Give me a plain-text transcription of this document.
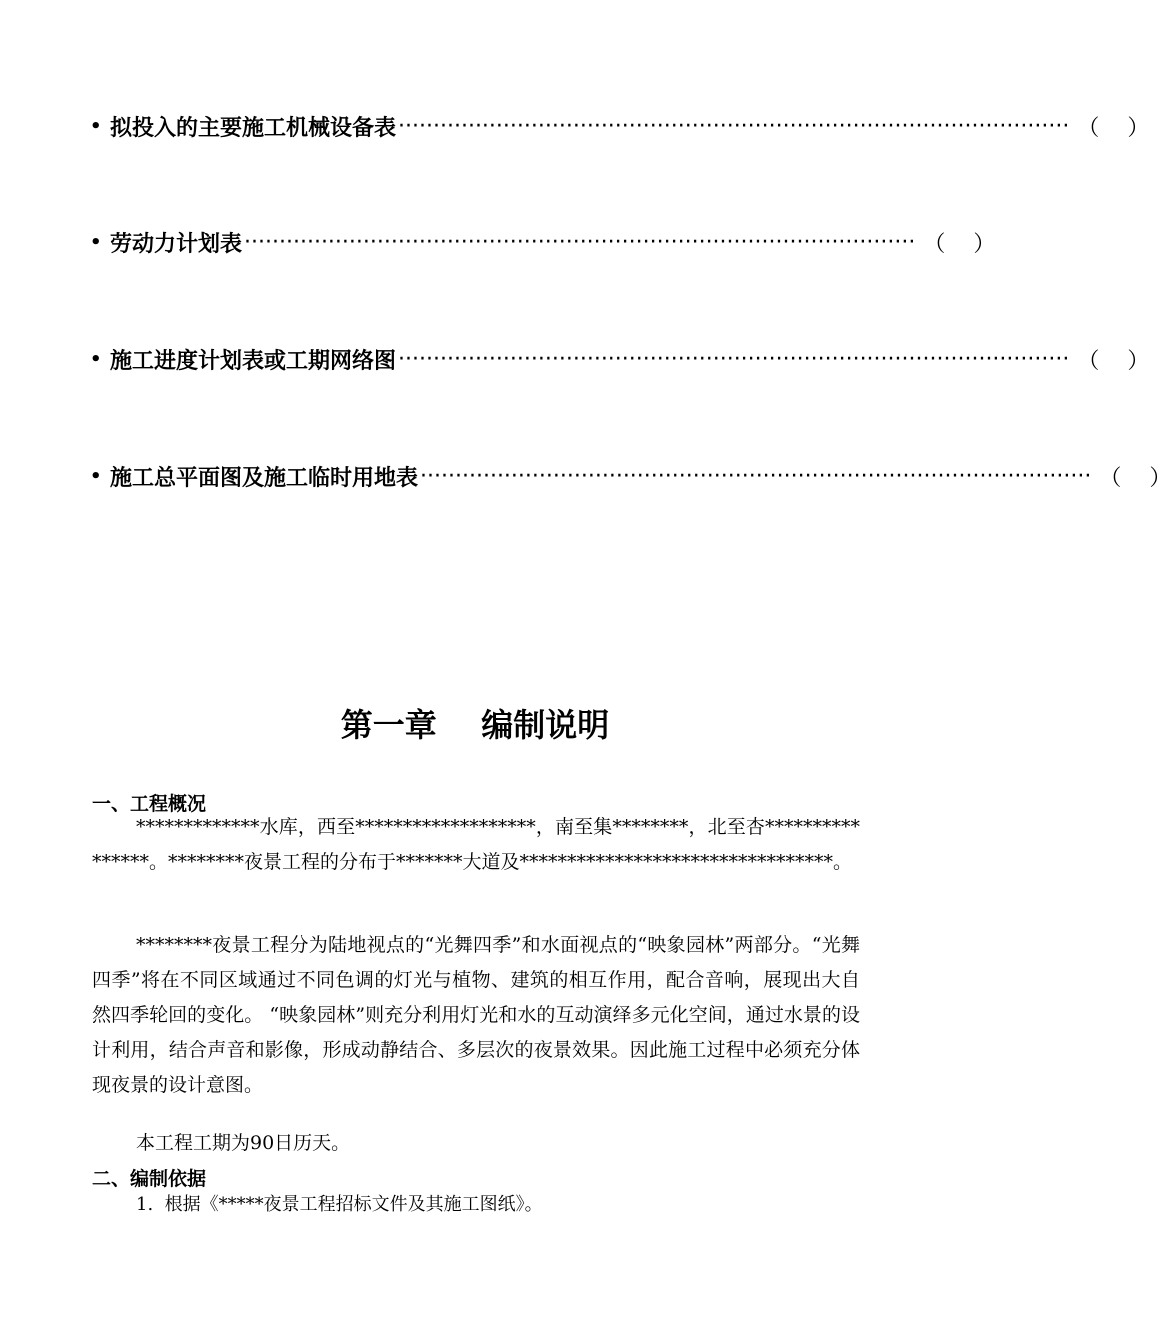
• 拟投入的主要施工机械设备表 ································································································ （    ）
• 劳动力计划表 ································································································ （    ）
• 施工进度计划表或工期网络图 ································································································ （    ）
• 施工总平面图及施工临时用地表 ································································································ （    ）
第一章    编制说明
一、工程概况
*************水库，西至*******************，南至集********，北至杏****************。********夜景工程的分布于*******大道及*********************************。
********夜景工程分为陆地视点的“光舞四季”和水面视点的“映象园林”两部分。“光舞四季”将在不同区域通过不同色调的灯光与植物、建筑的相互作用，配合音响，展现出大自然四季轮回的变化。 “映象园林”则充分利用灯光和水的互动演绎多元化空间，通过水景的设计利用，结合声音和影像，形成动静结合、多层次的夜景效果。因此施工过程中必须充分体现夜景的设计意图。
本工程工期为90日历天。
二、编制依据
1.  根据《*****夜景工程招标文件及其施工图纸》。
